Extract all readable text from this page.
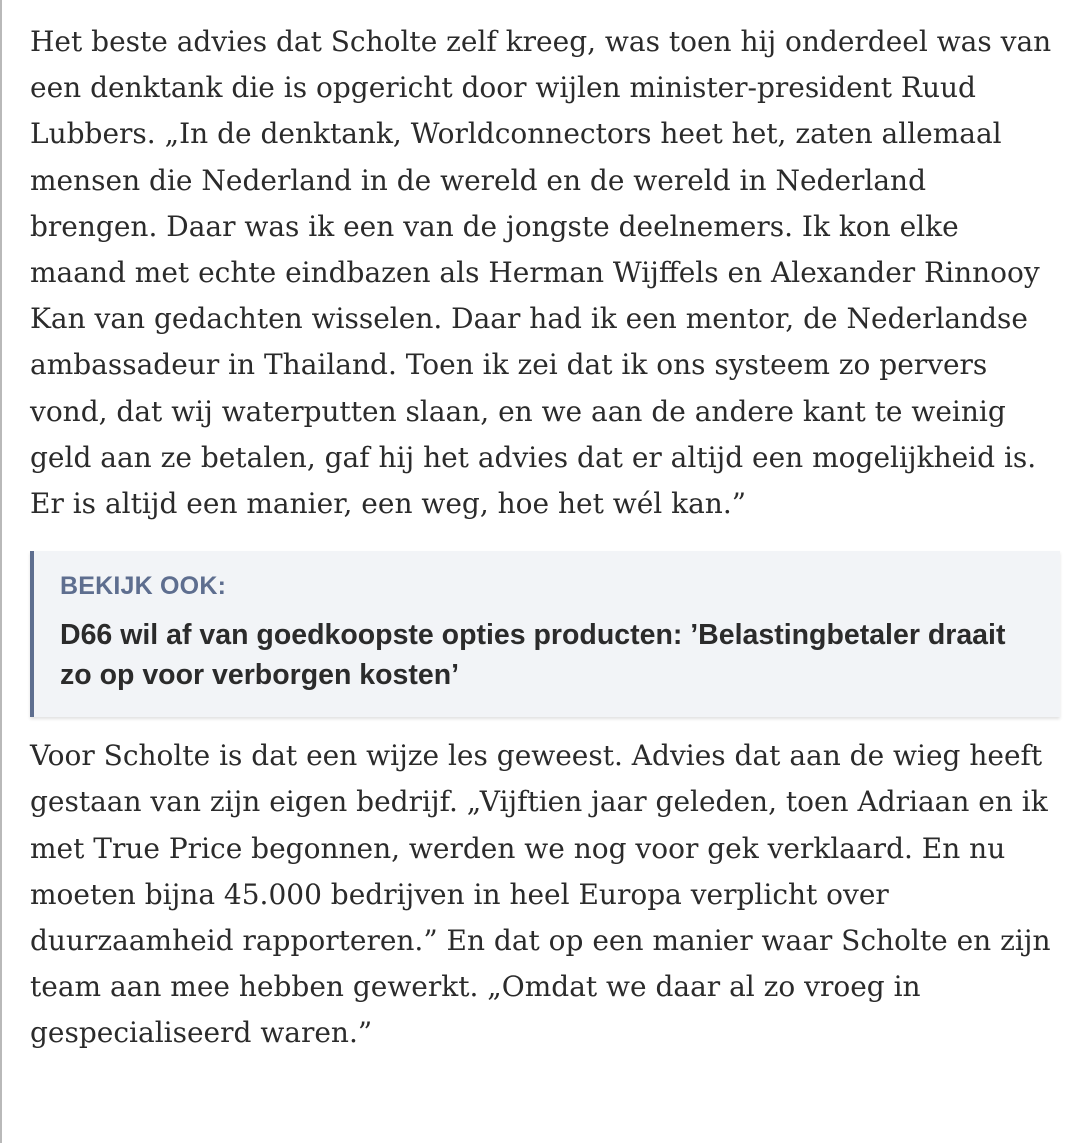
Het beste advies dat Scholte zelf kreeg, was toen hij onderdeel was van een denktank die is opgericht door wijlen minister-president Ruud Lubbers. „In de denktank, Worldconnectors heet het, zaten allemaal mensen die Nederland in de wereld en de wereld in Nederland brengen. Daar was ik een van de jongste deelnemers. Ik kon elke maand met echte eindbazen als Herman Wijffels en Alexander Rinnooy Kan van gedachten wisselen. Daar had ik een mentor, de Nederlandse ambassadeur in Thailand. Toen ik zei dat ik ons systeem zo pervers vond, dat wij waterputten slaan, en we aan de andere kant te weinig geld aan ze betalen, gaf hij het advies dat er altijd een mogelijkheid is. Er is altijd een manier, een weg, hoe het wél kan.”

BEKIJK OOK:
D66 wil af van goedkoopste opties producten: ’Belastingbetaler draait zo op voor verborgen kosten’

Voor Scholte is dat een wijze les geweest. Advies dat aan de wieg heeft gestaan van zijn eigen bedrijf. „Vijftien jaar geleden, toen Adriaan en ik met True Price begonnen, werden we nog voor gek verklaard. En nu moeten bijna 45.000 bedrijven in heel Europa verplicht over duurzaamheid rapporteren.” En dat op een manier waar Scholte en zijn team aan mee hebben gewerkt. „Omdat we daar al zo vroeg in gespecialiseerd waren.”
